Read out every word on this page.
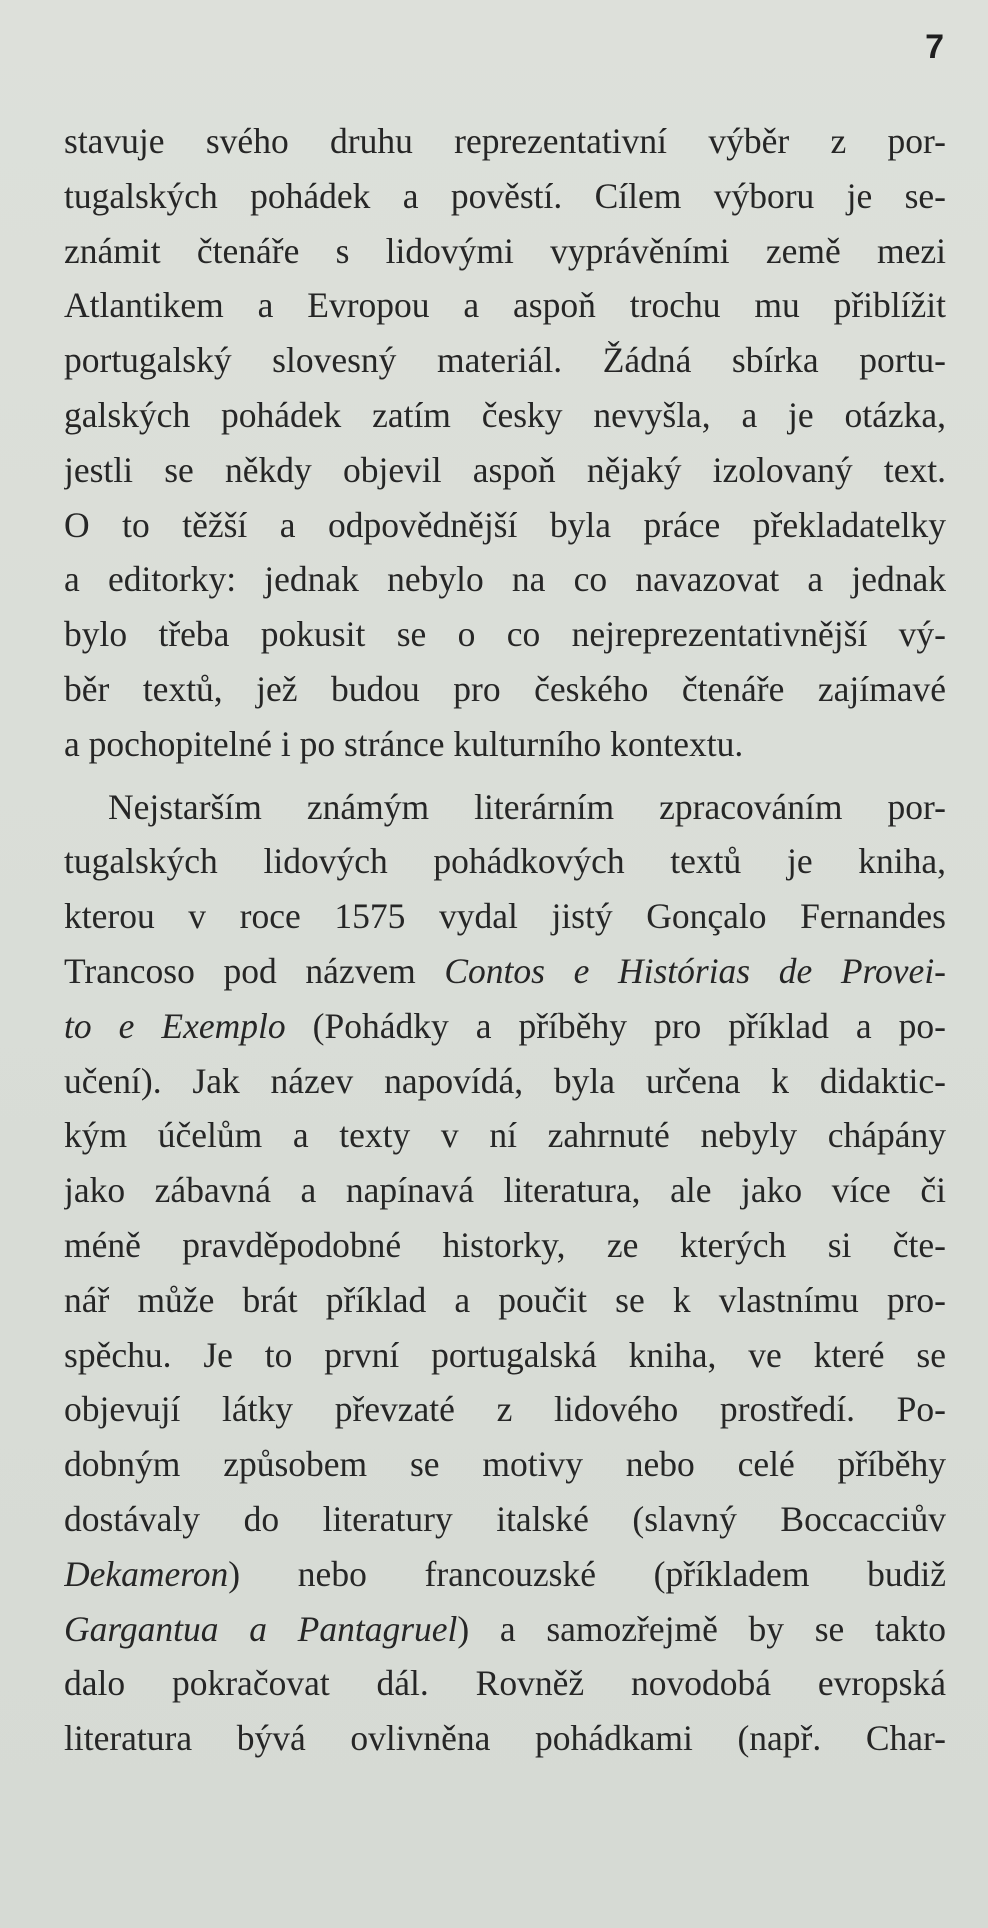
7
stavuje svého druhu reprezentativní výběr z por-
tugalských pohádek a pověstí. Cílem výboru je se-
známit čtenáře s lidovými vyprávěními země mezi
Atlantikem a Evropou a aspoň trochu mu přiblížit
portugalský slovesný materiál. Žádná sbírka portu-
galských pohádek zatím česky nevyšla, a je otázka,
jestli se někdy objevil aspoň nějaký izolovaný text.
O to těžší a odpovědnější byla práce překladatelky
a editorky: jednak nebylo na co navazovat a jednak
bylo třeba pokusit se o co nejreprezentativnější vý-
běr textů, jež budou pro českého čtenáře zajímavé
a pochopitelné i po stránce kulturního kontextu.
Nejstarším známým literárním zpracováním por-
tugalských lidových pohádkových textů je kniha,
kterou v roce 1575 vydal jistý Gonçalo Fernandes
Trancoso pod názvem Contos e Histórias de Provei-
to e Exemplo (Pohádky a příběhy pro příklad a po-
učení). Jak název napovídá, byla určena k didaktic-
kým účelům a texty v ní zahrnuté nebyly chápány
jako zábavná a napínavá literatura, ale jako více či
méně pravděpodobné historky, ze kterých si čte-
nář může brát příklad a poučit se k vlastnímu pro-
spěchu. Je to první portugalská kniha, ve které se
objevují látky převzaté z lidového prostředí. Po-
dobným způsobem se motivy nebo celé příběhy
dostávaly do literatury italské (slavný Boccacciův
Dekameron) nebo francouzské (příkladem budiž
Gargantua a Pantagruel) a samozřejmě by se takto
dalo pokračovat dál. Rovněž novodobá evropská
literatura bývá ovlivněna pohádkami (např. Char-
